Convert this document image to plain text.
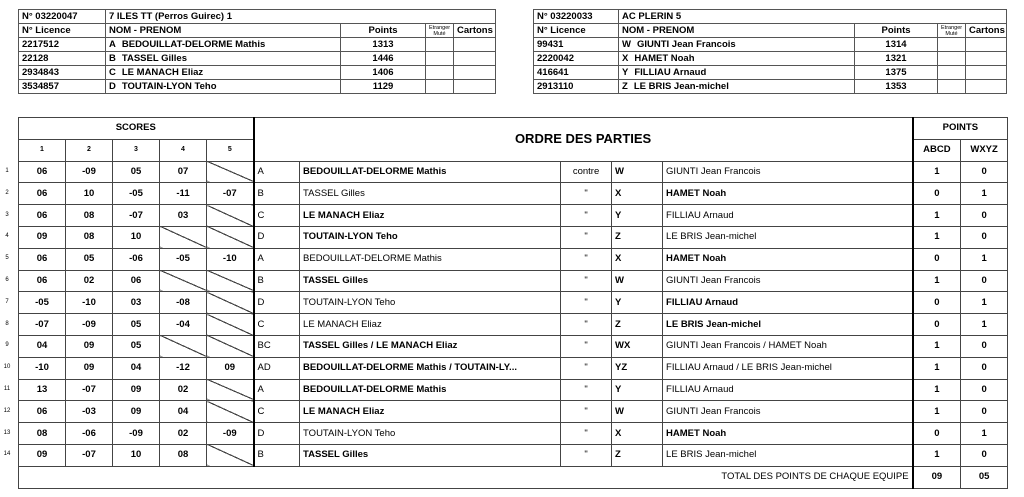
N° 03220047	7 ILES TT (Perros Guirec) 1			
N° Licence	NOM - PRENOM	Points	Etranger Muté	Cartons
2217512	A BEDOUILLAT-DELORME Mathis	1313		
22128	B TASSEL Gilles	1446		
2934843	C LE MANACH Eliaz	1406		
3534857	D TOUTAIN-LYON Teho	1129		
N° 03220033	AC PLERIN 5			
N° Licence	NOM - PRENOM	Points	Etranger Muté	Cartons
99431	W GIUNTI Jean Francois	1314		
2220042	X HAMET Noah	1321		
416641	Y FILLIAU Arnaud	1375		
2913110	Z LE BRIS Jean-michel	1353		
SCORES					ORDRE DES PARTIES					POINTS	
1	2	3	4	5						ABCD	WXYZ
06	-09	05	07		A	BEDOUILLAT-DELORME Mathis	contre	W	GIUNTI Jean Francois	1	0
06	10	-05	-11	-07	B	TASSEL Gilles	"	X	HAMET Noah	0	1
06	08	-07	03		C	LE MANACH Eliaz	"	Y	FILLIAU Arnaud	1	0
09	08	10			D	TOUTAIN-LYON Teho	"	Z	LE BRIS Jean-michel	1	0
06	05	-06	-05	-10	A	BEDOUILLAT-DELORME Mathis	"	X	HAMET Noah	0	1
06	02	06			B	TASSEL Gilles	"	W	GIUNTI Jean Francois	1	0
-05	-10	03	-08		D	TOUTAIN-LYON Teho	"	Y	FILLIAU Arnaud	0	1
-07	-09	05	-04		C	LE MANACH Eliaz	"	Z	LE BRIS Jean-michel	0	1
04	09	05			BC	TASSEL Gilles / LE MANACH Eliaz	"	WX	GIUNTI Jean Francois / HAMET Noah	1	0
-10	09	04	-12	09	AD	BEDOUILLAT-DELORME Mathis / TOUTAIN-LY...	"	YZ	FILLIAU Arnaud / LE BRIS Jean-michel	1	0
13	-07	09	02		A	BEDOUILLAT-DELORME Mathis	"	Y	FILLIAU Arnaud	1	0
06	-03	09	04		C	LE MANACH Eliaz	"	W	GIUNTI Jean Francois	1	0
08	-06	-09	02	-09	D	TOUTAIN-LYON Teho	"	X	HAMET Noah	0	1
09	-07	10	08		B	TASSEL Gilles	"	Z	LE BRIS Jean-michel	1	0
TOTAL DES POINTS DE CHAQUE EQUIPE										09	05
1
2
3
4
5
6
7
8
9
10
11
12
13
14
